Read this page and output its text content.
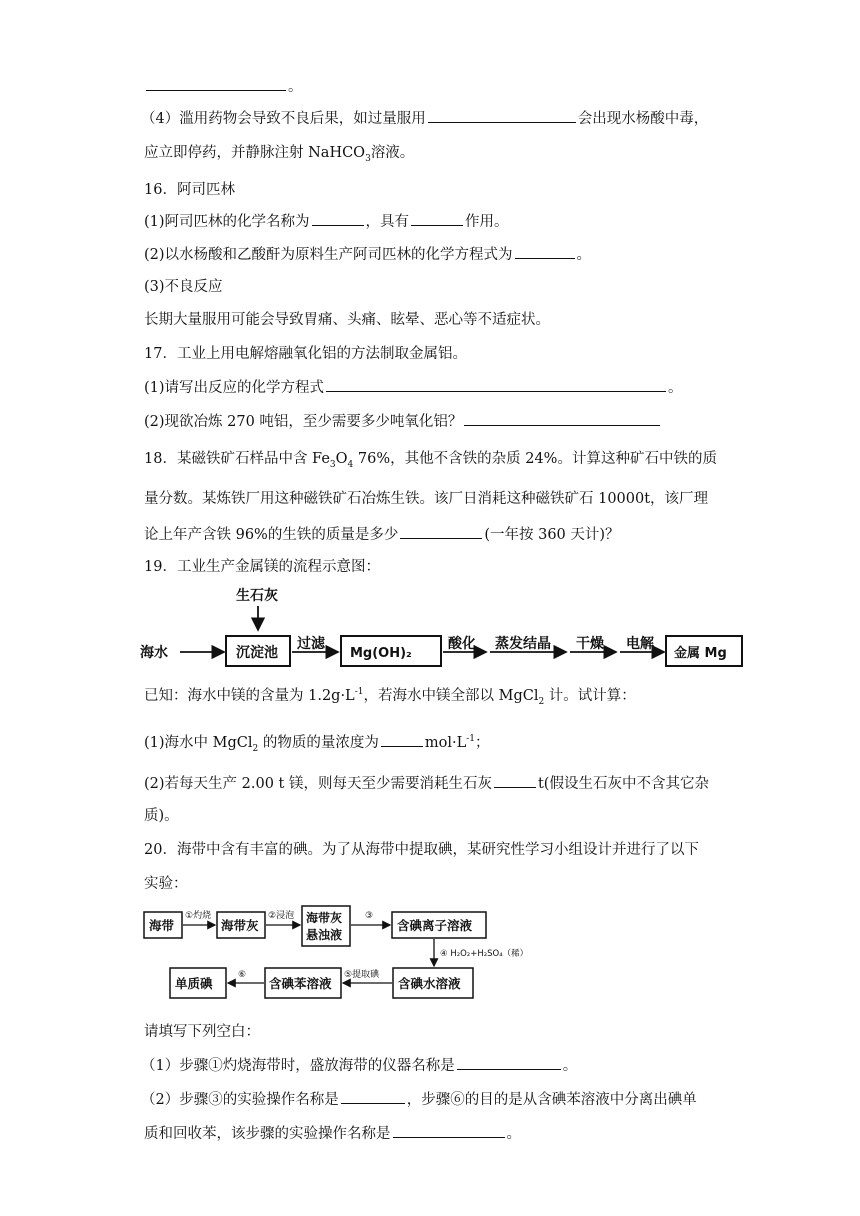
。
（4）滥用药物会导致不良后果，如过量服用	会出现水杨酸中毒，
应立即停药，并静脉注射 NaHCO$_3$溶液。
16．阿司匹林
(1)阿司匹林的化学名称为	，具有	作用。
(2)以水杨酸和乙酸酐为原料生产阿司匹林的化学方程式为	。
(3)不良反应
长期大量服用可能会导致胃痛、头痛、眩晕、恶心等不适症状。
17．工业上用电解熔融氧化铝的方法制取金属铝。
(1)请写出反应的化学方程式	。
(2)现欲冶炼 270 吨铝，至少需要多少吨氧化铝？
18．某磁铁矿石样品中含 $Fe_3O_4$ 76%，其他不含铁的杂质 24%。计算这种矿石中铁的质
量分数。某炼铁厂用这种磁铁矿石冶炼生铁。该厂日消耗这种磁铁矿石 10000t，该厂理
论上年产含铁 96%的生铁的质量是多少	(一年按 360 天计)？
19．工业生产金属镁的流程示意图：
生石灰
海水	沉淀池
过滤
Mg(OH)₂
酸化 蒸发结晶 干燥 电解
金属 Mg
已知：海水中镁的含量为 $1.2g\cdot L^{-1}$，若海水中镁全部以 MgCl$_2$ 计。试计算：
(1)海水中 MgCl$_2$ 的物质的量浓度为	$mol\cdot L^{-1}$；
(2)若每天生产 2.00 t 镁，则每天至少需要消耗生石灰	t(假设生石灰中不含其它杂
质)。
20．海带中含有丰富的碘。为了从海带中提取碘，某研究性学习小组设计并进行了以下
实验：
海带
①灼烧
海带灰
②浸泡 海带灰
悬浊液
③
含碘离子溶液
④ H₂O₂+H₂SO₄（稀）
含碘水溶液
⑤提取碘
含碘苯溶液
⑥
单质碘
请填写下列空白：
（1）步骤①灼烧海带时，盛放海带的仪器名称是	。
（2）步骤③的实验操作名称是	，步骤⑥的目的是从含碘苯溶液中分离出碘单
质和回收苯，该步骤的实验操作名称是	。
